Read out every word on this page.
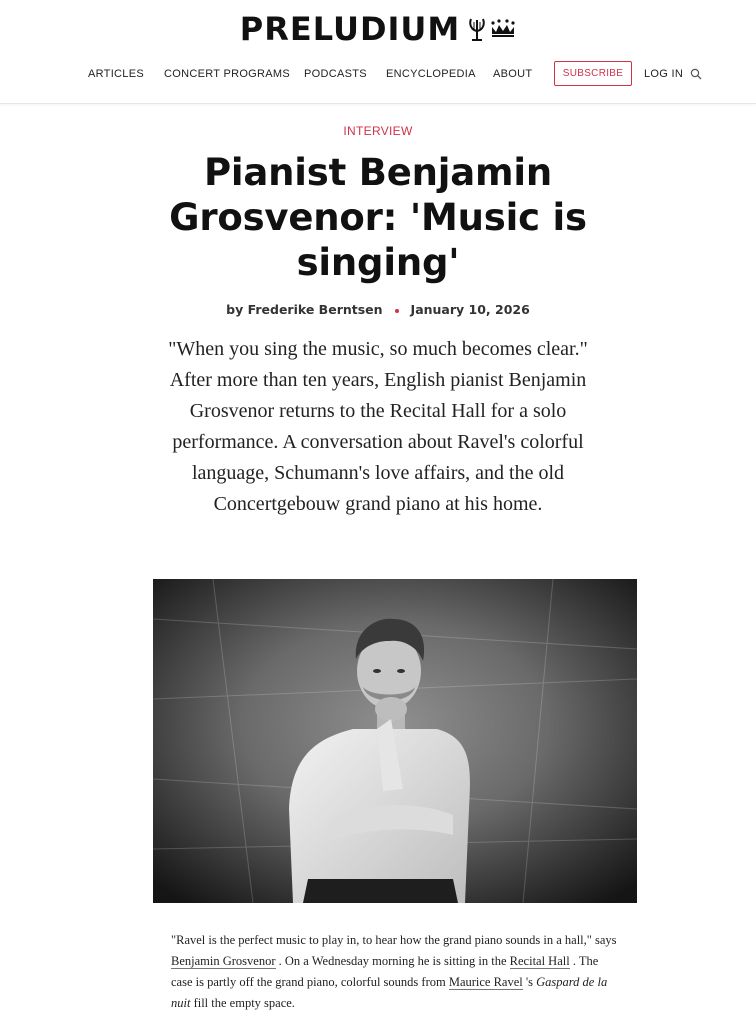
PRELUDIUM
ARTICLES CONCERT PROGRAMS PODCASTS ENCYCLOPEDIA ABOUT	LOG IN
SUBSCRIBE
INTERVIEW
Pianist Benjamin Grosvenor: 'Music is singing'
by Frederike Berntsen January 10, 2026

"When you sing the music, so much becomes clear." After more than ten years, English pianist Benjamin Grosvenor returns to the Recital Hall for a solo performance. A conversation about Ravel's colorful language, Schumann's love affairs, and the old Concertgebouw grand piano at his home.

"Ravel is the perfect music to play in, to hear how the grand piano sounds in a hall," says Benjamin Grosvenor . On a Wednesday morning he is sitting in the Recital Hall . The case is partly off the grand piano, colorful sounds from Maurice Ravel 's Gaspard de la nuit fill the empty space.
